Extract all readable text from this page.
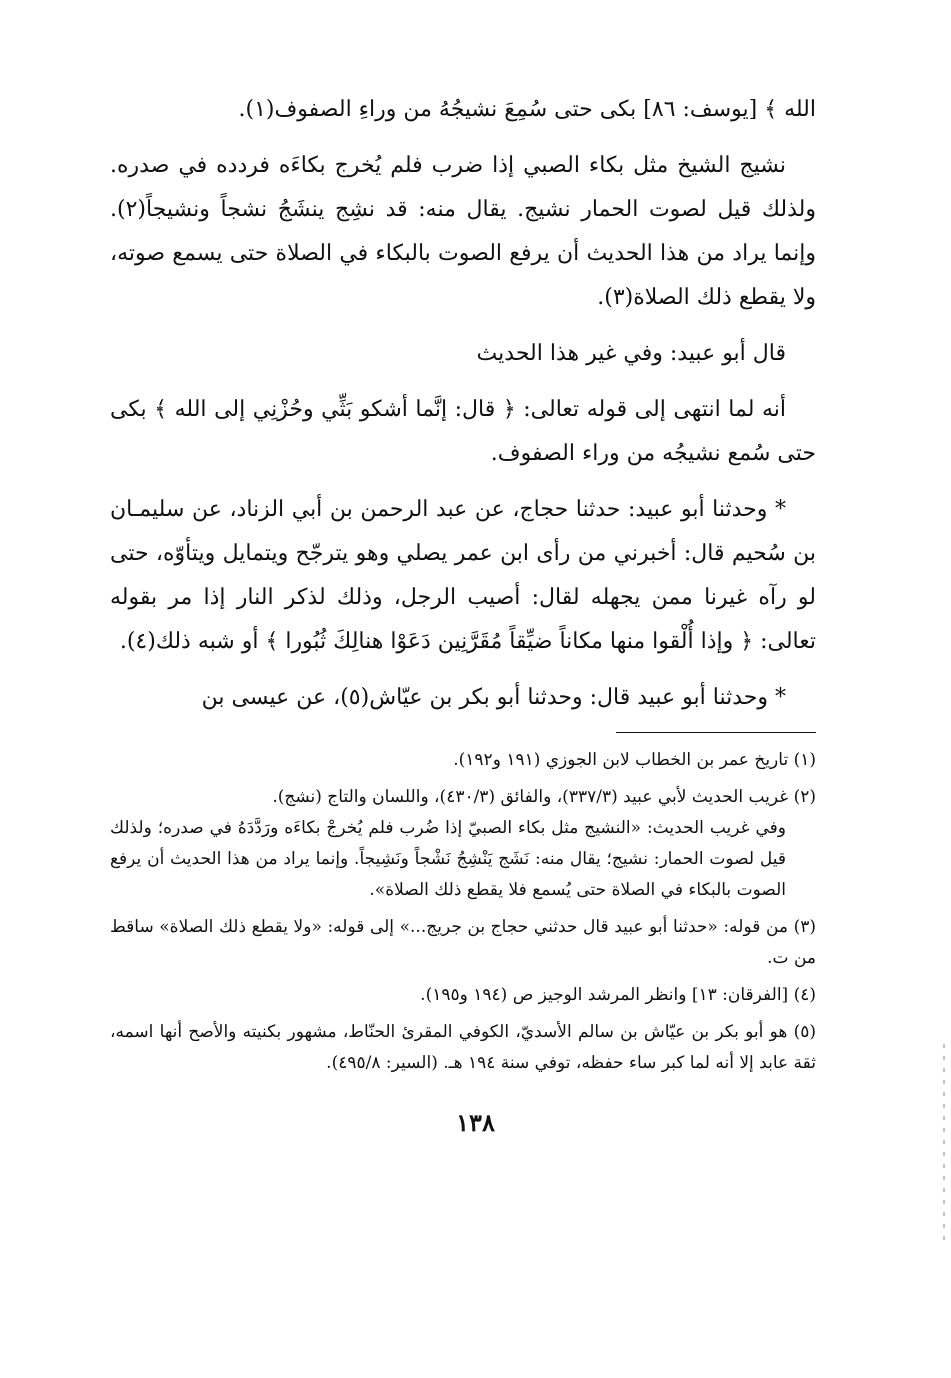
الله ﴾ [يوسف: ٨٦] بكى حتى سُمِعَ نشيجُهُ من وراءِ الصفوف(١).

نشيج الشيخ مثل بكاء الصبي إذا ضرب فلم يُخرج بكاءَه فردده في صدره. ولذلك قيل لصوت الحمار نشيج. يقال منه: قد نشِج ينشَجُ نشجاً ونشيجاً(٢). وإنما يراد من هذا الحديث أن يرفع الصوت بالبكاء في الصلاة حتى يسمع صوته، ولا يقطع ذلك الصلاة(٣).

قال أبو عبيد: وفي غير هذا الحديث

أنه لما انتهى إلى قوله تعالى: ﴿ قال: إنَّما أشكو بَثِّي وحُزْنِي إلى الله ﴾ بكى حتى سُمع نشيجُه من وراء الصفوف.

* وحدثنا أبو عبيد: حدثنا حجاج، عن عبد الرحمن بن أبي الزناد، عن سليمـان بن سُحيم قال: أخبرني من رأى ابن عمر يصلي وهو يترجّح ويتمايل ويتأوّه، حتى لو رآه غيرنا ممن يجهله لقال: أصيب الرجل، وذلك لذكر النار إذا مر بقوله تعالى: ﴿ وإذا أُلْقوا منها مكاناً ضيِّقاً مُقَرَّنِين دَعَوْا هنالِكَ ثُبُورا ﴾ أو شبه ذلك(٤).

* وحدثنا أبو عبيد قال: وحدثنا أبو بكر بن عيّاش(٥)، عن عيسى بن

(١) تاريخ عمر بن الخطاب لابن الجوزي (١٩١ و١٩٢).
(٢) غريب الحديث لأبي عبيد (٣٣٧/٣)، والفائق (٤٣٠/٣)، واللسان والتاج (نشج).
وفي غريب الحديث: «النشيج مثل بكاء الصبيّ إذا ضُرب فلم يُخرجْ بكاءَه ورَدَّدَهُ في صدره؛ ولذلك قيل لصوت الحمار: نشيج؛ يقال منه: نَشَج يَنْشِجُ نَشْجاً ونَشِيجاً. وإنما يراد من هذا الحديث أن يرفع الصوت بالبكاء في الصلاة حتى يُسمع فلا يقطع ذلك الصلاة».
(٣) من قوله: «حدثنا أبو عبيد قال حدثني حجاج بن جريج...» إلى قوله: «ولا يقطع ذلك الصلاة» ساقط من ت.
(٤) [الفرقان: ١٣] وانظر المرشد الوجيز ص (١٩٤ و١٩٥).
(٥) هو أبو بكر بن عيّاش بن سالم الأسديّ، الكوفي المقرئ الحنّاط، مشهور بكنيته والأصح أنها اسمه، ثقة عابد إلا أنه لما كبر ساء حفظه، توفي سنة ١٩٤ هـ. (السير: ٤٩٥/٨).
١٣٨
